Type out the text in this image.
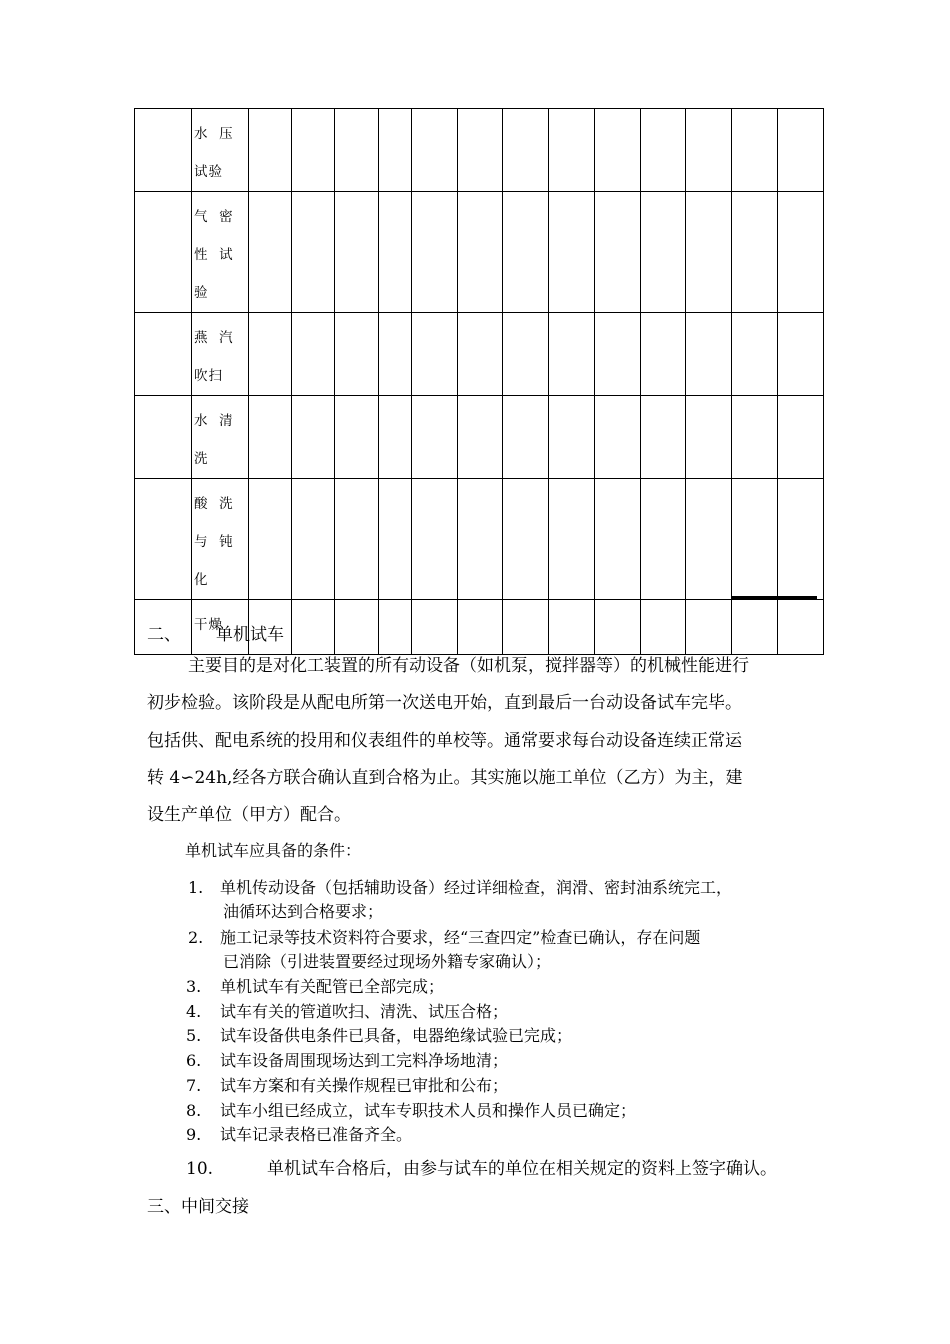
	水  压
试验													

	气  密
性  试
验													

	燕  汽
吹扫													

	水  清
洗													

	酸  洗
与  钝
化													

	干燥													

二、 单机试车
主要目的是对化工装置的所有动设备（如机泵，搅拌器等）的机械性能进行
初步检验。该阶段是从配电所第一次送电开始，直到最后一台动设备试车完毕。
包括供、配电系统的投用和仪表组件的单校等。通常要求每台动设备连续正常运
转 4∽24h,经各方联合确认直到合格为止。其实施以施工单位（乙方）为主，建
设生产单位（甲方）配合。
单机试车应具备的条件：
1. 单机传动设备（包括辅助设备）经过详细检查，润滑、密封油系统完工，
油循环达到合格要求；
2. 施工记录等技术资料符合要求，经“三查四定”检查已确认，存在问题
已消除（引进装置要经过现场外籍专家确认）；
3. 单机试车有关配管已全部完成；
4. 试车有关的管道吹扫、清洗、试压合格；
5. 试车设备供电条件已具备，电器绝缘试验已完成；
6. 试车设备周围现场达到工完料净场地清；
7. 试车方案和有关操作规程已审批和公布；
8. 试车小组已经成立，试车专职技术人员和操作人员已确定；
9. 试车记录表格已准备齐全。
10.	单机试车合格后，由参与试车的单位在相关规定的资料上签字确认。
三、中间交接
